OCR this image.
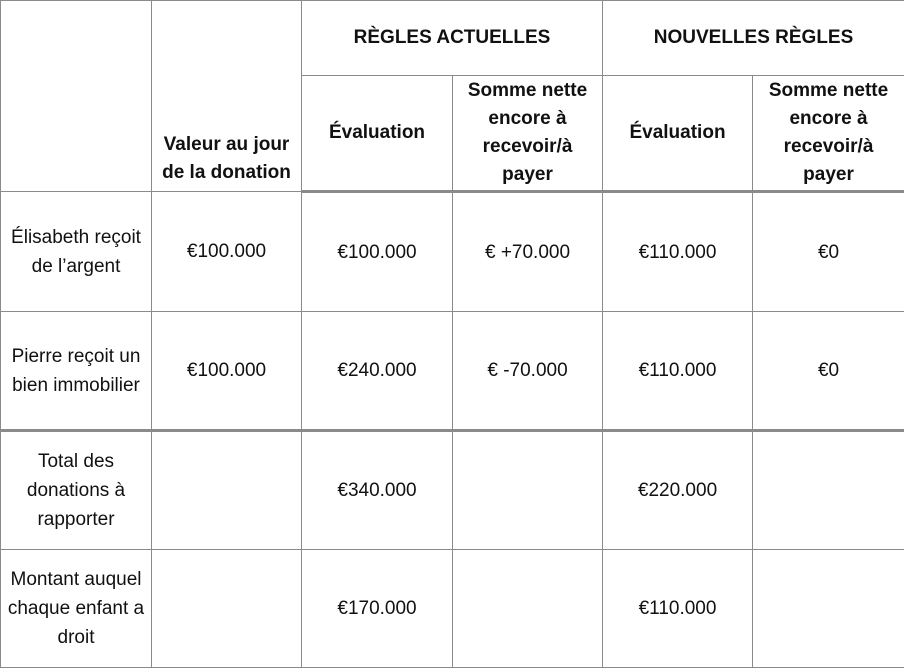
	Valeur au jour de la donation	RÈGLES ACTUELLES		NOUVELLES RÈGLES	
		Évaluation	Somme nette encore à recevoir/à payer	Évaluation	Somme nette encore à recevoir/à payer
Élisabeth reçoit de l’argent	€100.000	€100.000	€ +70.000	€110.000	€0
Pierre reçoit un bien immobilier	€100.000	€240.000	€ -70.000	€110.000	€0
Total des donations à rapporter		€340.000		€220.000	
Montant auquel chaque enfant a droit		€170.000		€110.000	
